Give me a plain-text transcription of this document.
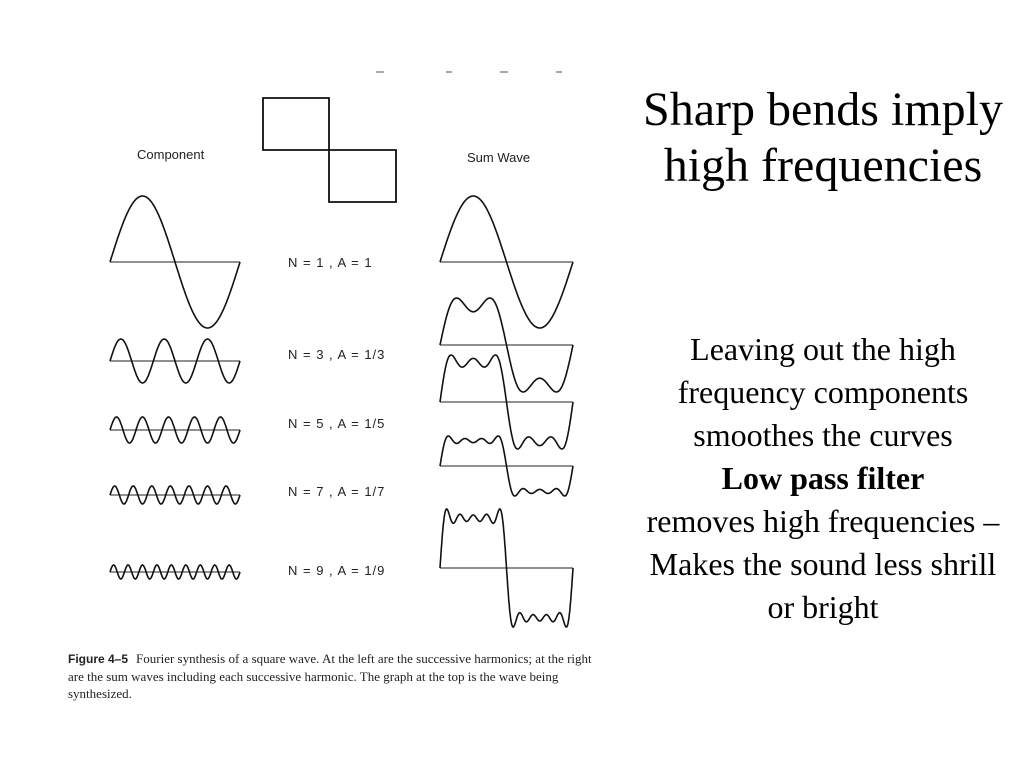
Component	Sum Wave
N = 1 , A = 1
N = 3 , A = 1/3
N = 5 , A = 1/5
N = 7 , A = 1/7
N = 9 , A = 1/9
Figure 4–5 Fourier synthesis of a square wave. At the left are the successive harmonics; at the right are the sum waves including each successive harmonic. The graph at the top is the wave being synthesized.
Sharp bends imply high frequencies
Leaving out the high frequency components smoothes the curves
Low pass filter
removes high frequencies –
Makes the sound less shrill or bright
